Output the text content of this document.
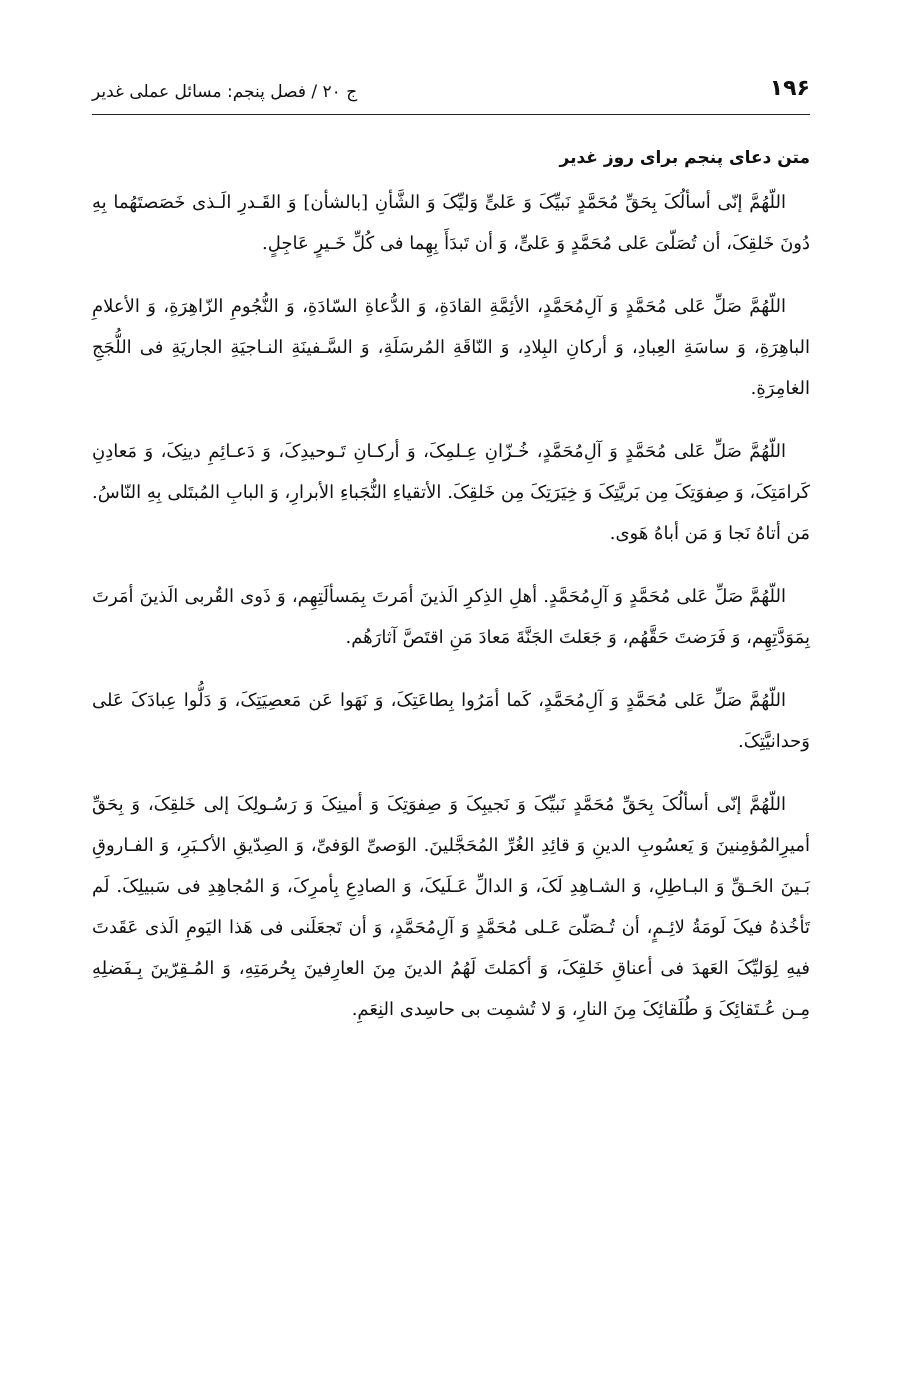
۱۹۶
ج ۲۰ / فصل پنجم: مسائل عملی غدیر
متن دعای پنجم برای روز غدیر

اللّهُمَّ إنّی أسألُکَ بِحَقِّ مُحَمَّدٍ نَبیِّکَ وَ عَلیٍّ وَلیِّکَ وَ الشَّأنِ [بالشأن] وَ القَـدرِ الَـذی خَصَصتَهُما بِهِ دُونَ خَلقِکَ، أن تُصَلّیَ عَلی مُحَمَّدٍ وَ عَلیٍّ، وَ أن تَبدَأَ بِهِما فی کُلِّ خَـیرٍ عَاجِلٍ.

اللّهُمَّ صَلِّ عَلی مُحَمَّدٍ وَ آلِ‌مُحَمَّدٍ، الأئِمَّةِ القادَةِ، وَ الدُّعاةِ السّادَةِ، وَ النُّجُومِ الزّاهِرَةِ، وَ الأعلامِ الباهِرَةِ، وَ ساسَةِ العِبادِ، وَ أرکانِ البِلادِ، وَ النّاقَةِ المُرسَلَةِ، وَ السَّـفینَةِ النـاجیَةِ الجاریَةِ فی اللُّجَجِ الغامِرَةِ.

اللّهُمَّ صَلِّ عَلی مُحَمَّدٍ وَ آلِ‌مُحَمَّدٍ، خُـزّانِ عِـلمِکَ، وَ أرکـانِ تَـوحیدِکَ، وَ دَعـائِمِ دینِکَ، وَ مَعادِنِ کَرامَتِکَ، وَ صِفوَتِکَ مِن بَریَّتِکَ وَ خِیَرَتِکَ مِن خَلقِکَ. الأتقیاءِ النُّجَباءِ الأبرارِ، وَ البابِ المُبتَلی بِهِ النّاسُ. مَن أتاهُ نَجا وَ مَن أباهُ هَوی.

اللّهُمَّ صَلِّ عَلی مُحَمَّدٍ وَ آلِ‌مُحَمَّدٍ. أهلِ الذِکرِ الَذینَ أمَرتَ بِمَسألَتِهِم، وَ ذَوی القُربی الَذینَ أمَرتَ بِمَوَدَّتِهِم، وَ فَرَضتَ حَقَّهُم، وَ جَعَلتَ الجَنَّةَ مَعادَ مَنِ اقتَصَّ آثارَهُم.

اللّهُمَّ صَلِّ عَلی مُحَمَّدٍ وَ آلِ‌مُحَمَّدٍ، کَما أمَرُوا بِطاعَتِکَ، وَ نَهَوا عَن مَعصِیَتِکَ، وَ دَلُّوا عِبادَکَ عَلی وَحدانیَّتِکَ.

اللّهُمَّ إنّی أسألُکَ بِحَقِّ مُحَمَّدٍ نَبیِّکَ وَ نَجیبِکَ وَ صِفوَتِکَ وَ أمینِکَ وَ رَسُـولِکَ إلی خَلقِکَ، وَ بِحَقِّ أمیرِالمُؤمِنینَ وَ یَعسُوبِ الدینِ وَ قائِدِ الغُرِّ المُحَجَّلینَ. الوَصیِّ الوَفیِّ، وَ الصِدّیقِ الأکـبَرِ، وَ الفـاروقِ بَـینَ الحَـقِّ وَ البـاطِلِ، وَ الشـاهِدِ لَکَ، وَ الدالِّ عَـلَیکَ، وَ الصادِعِ بِأمرِکَ، وَ المُجاهِدِ فی سَبیلِکَ. لَم تَأخُذهُ فیکَ لَومَةُ لائِـمٍ، أن تُـصَلّیَ عَـلی مُحَمَّدٍ وَ آلِ‌مُحَمَّدٍ، وَ أن تَجعَلَنی فی هَذا الیَومِ الَذی عَقَدتَ فیهِ لِوَلیِّکَ العَهدَ فی أعناقِ خَلقِکَ، وَ أکمَلتَ لَهُمُ الدینَ مِنَ العارِفینَ بِحُرمَتِهِ، وَ المُـقِرّینَ بِـفَضلِهِ مِـن عُـتَقائِکَ وَ طُلَقائِکَ مِنَ النارِ، وَ لا تُشمِت بی حاسِدی النِعَمِ.
